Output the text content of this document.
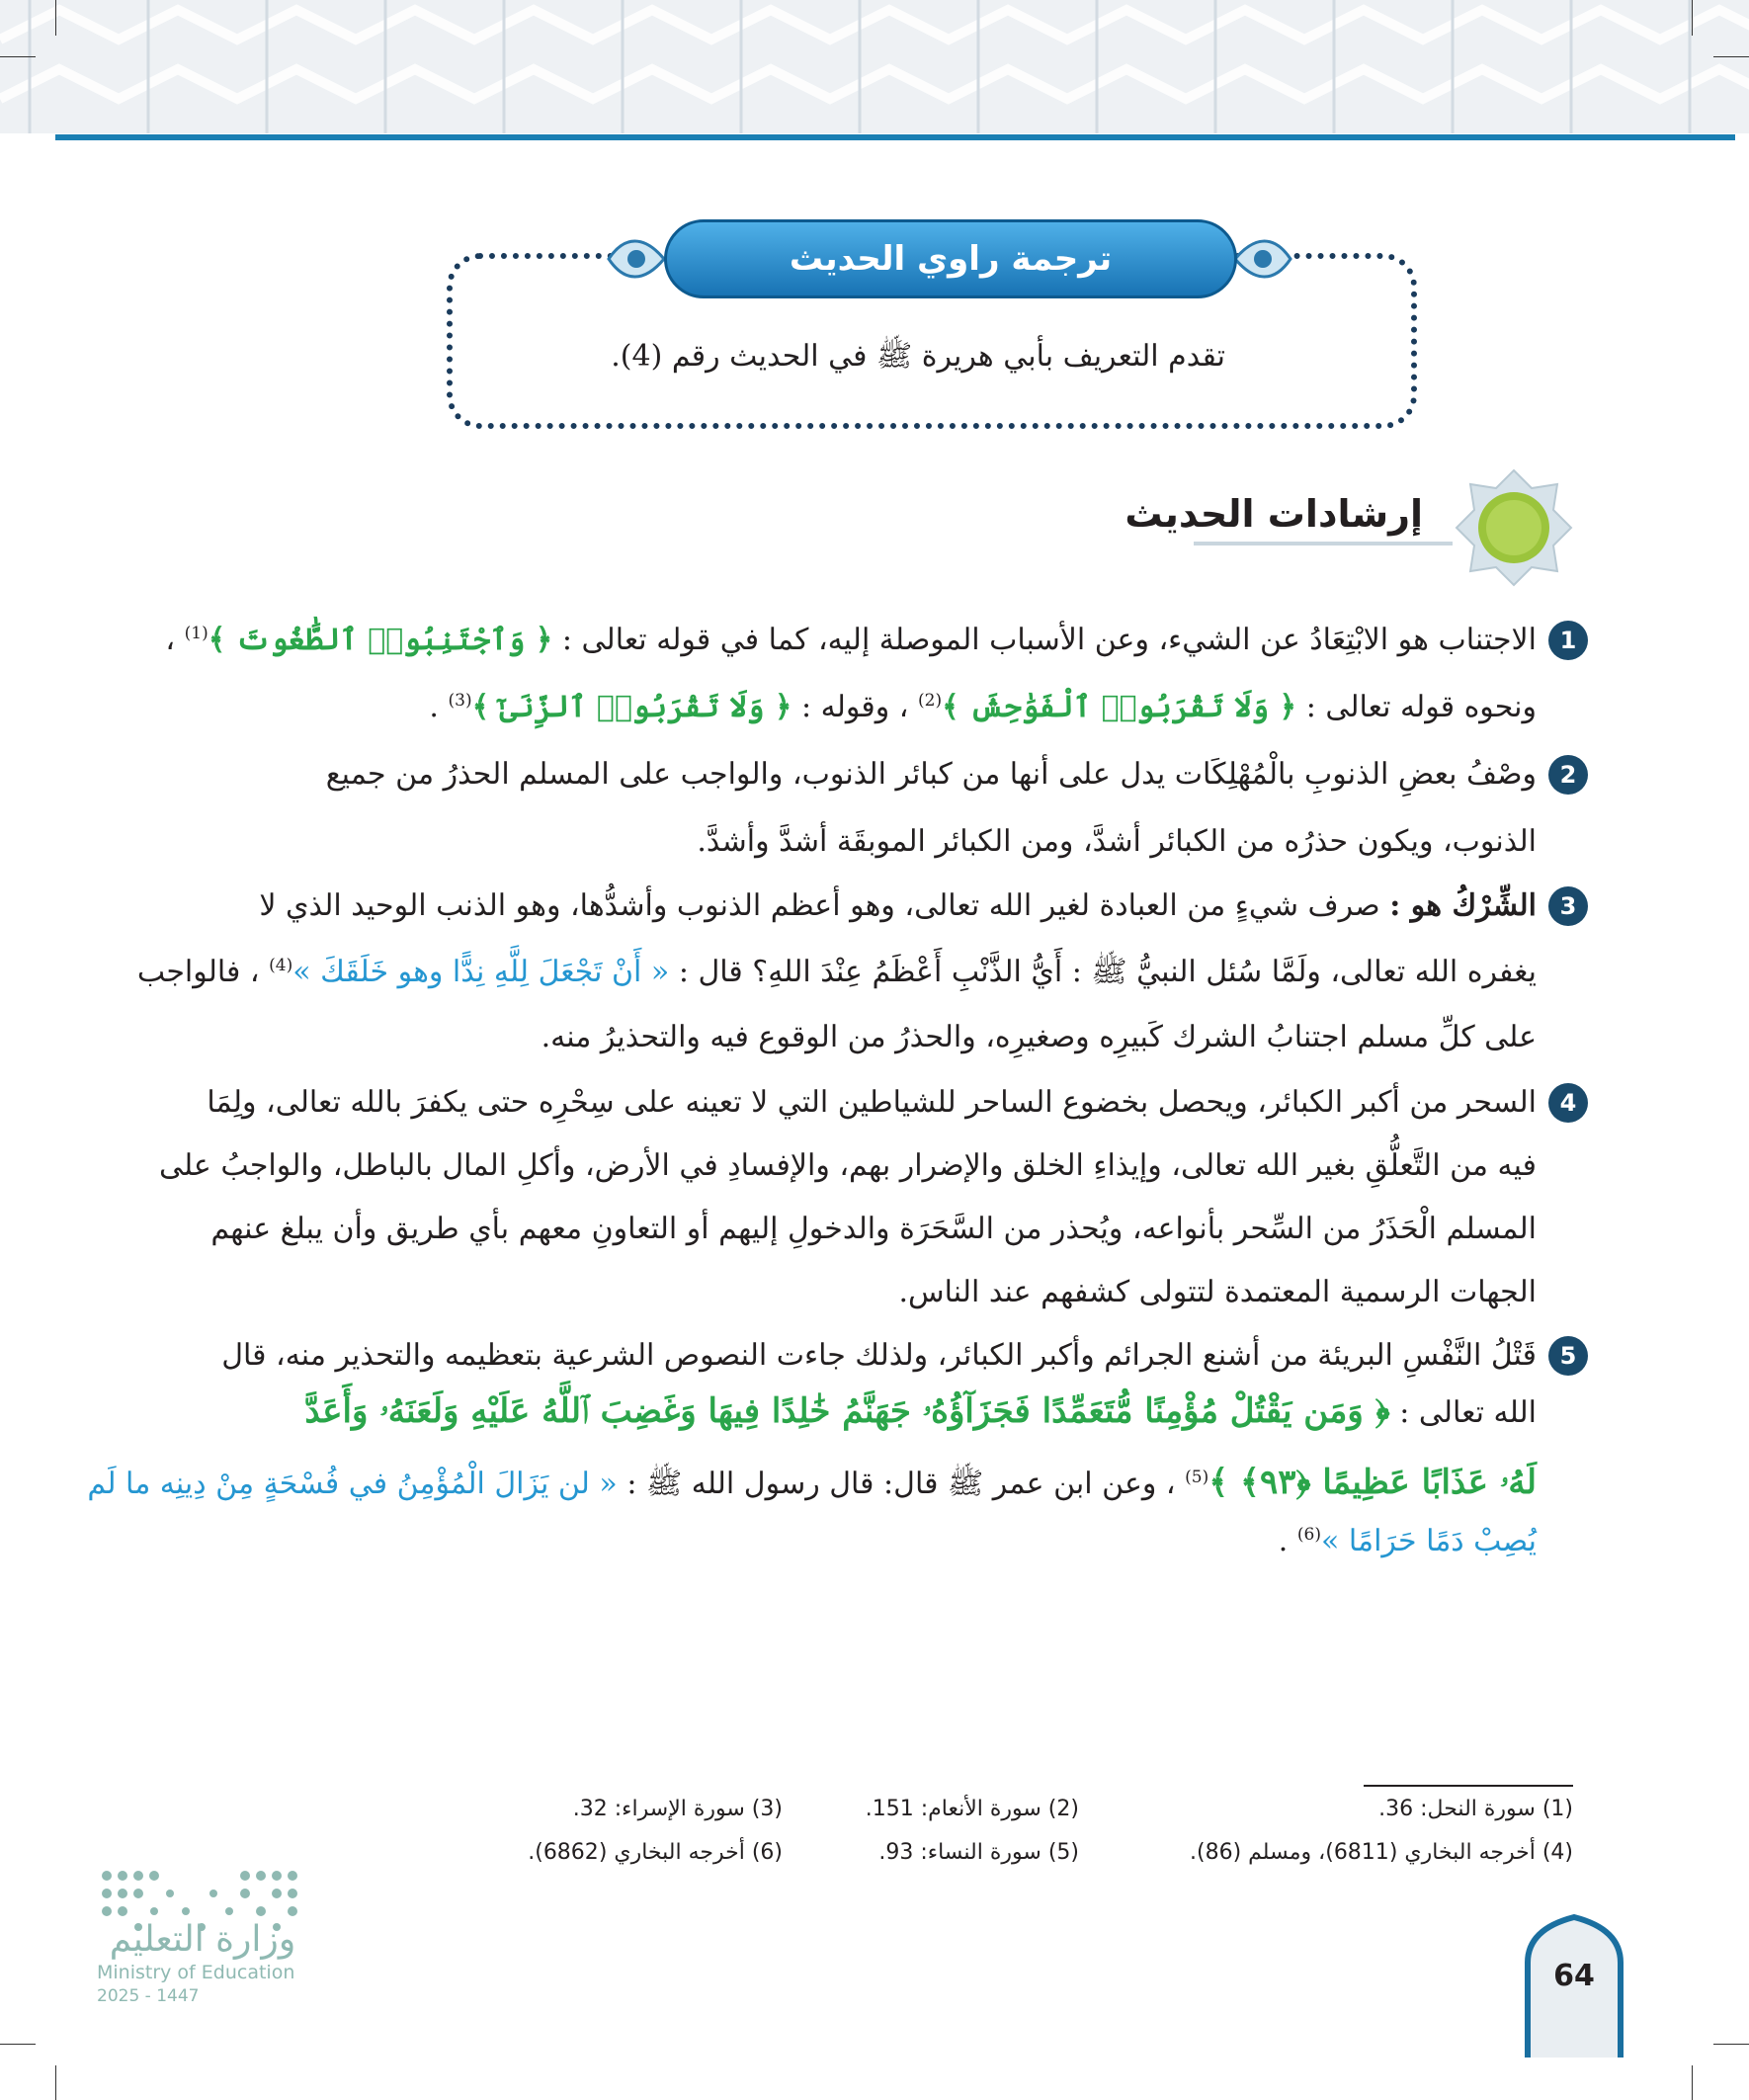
ترجمة راوي الحديث
تقدم التعريف بأبي هريرة ﷺ في الحديث رقم (4).
إرشادات الحديث
1
الاجتناب هو الابْتِعَادُ عن الشيء، وعن الأسباب الموصلة إليه، كما في قوله تعالى : ﴿ وَٱجْتَنِبُوا۟ ٱلطَّٰغُوتَ ﴾$^{(1)}$ ،
ونحوه قوله تعالى : ﴿ وَلَا تَقْرَبُوا۟ ٱلْفَوَٰحِشَ ﴾$^{(2)}$ ، وقوله : ﴿ وَلَا تَقْرَبُوا۟ ٱلزِّنَىٰٓ ﴾$^{(3)}$ .
2
وصْفُ بعضِ الذنوبِ بالْمُهْلِكَات يدل على أنها من كبائر الذنوب، والواجب على المسلم الحذرُ من جميع
الذنوب، ويكون حذرُه من الكبائر أشدَّ، ومن الكبائر الموبقَة أشدَّ وأشدَّ.
3
الشِّرْكُ هو : صرف شيءٍ من العبادة لغير الله تعالى، وهو أعظم الذنوب وأشدُّها، وهو الذنب الوحيد الذي لا
يغفره الله تعالى، ولَمَّا سُئل النبيُّ ﷺ : أَيُّ الذَّنْبِ أَعْظَمُ عِنْدَ اللهِ؟ قال : « أَنْ تَجْعَلَ لِلَّهِ نِدًّا وهو خَلَقَكَ »$^{(4)}$ ، فالواجب
على كلِّ مسلم اجتنابُ الشرك كَبيرِه وصغيرِه، والحذرُ من الوقوع فيه والتحذيرُ منه.
4
السحر من أكبر الكبائر، ويحصل بخضوع الساحر للشياطين التي لا تعينه على سِحْرِه حتى يكفرَ بالله تعالى، ولِمَا
فيه من التَّعلُّقِ بغير الله تعالى، وإيذاءِ الخلق والإضرار بهم، والإفسادِ في الأرض، وأكلِ المال بالباطل، والواجبُ على
المسلم الْحَذَرُ من السِّحر بأنواعه، ويُحذر من السَّحَرَة والدخولِ إليهم أو التعاونِ معهم بأي طريق وأن يبلغ عنهم
الجهات الرسمية المعتمدة لتتولى كشفهم عند الناس.
5
قَتْلُ النَّفْسِ البريئة من أشنع الجرائم وأكبر الكبائر، ولذلك جاءت النصوص الشرعية بتعظيمه والتحذير منه، قال
الله تعالى : ﴿ وَمَن يَقْتُلْ مُؤْمِنًا مُّتَعَمِّدًا فَجَزَآؤُهُۥ جَهَنَّمُ خَٰلِدًا فِيهَا وَغَضِبَ ٱللَّهُ عَلَيْهِ وَلَعَنَهُۥ وَأَعَدَّ
لَهُۥ عَذَابًا عَظِيمًا ﴿٩٣﴾ ﴾$^{(5)}$ ، وعن ابن عمر ﷺ قال: قال رسول الله ﷺ : « لن يَزَالَ الْمُؤْمِنُ في فُسْحَةٍ مِنْ دِينِه ما لَم
يُصِبْ دَمًا حَرَامًا »$^{(6)}$ .
(1) سورة النحل: 36.
(2) سورة الأنعام: 151.
(3) سورة الإسراء: 32.
(4) أخرجه البخاري (6811)، ومسلم (86).
(5) سورة النساء: 93.
(6) أخرجه البخاري (6862).
وزارة التعليم
Ministry of Education
2025 - 1447
64
